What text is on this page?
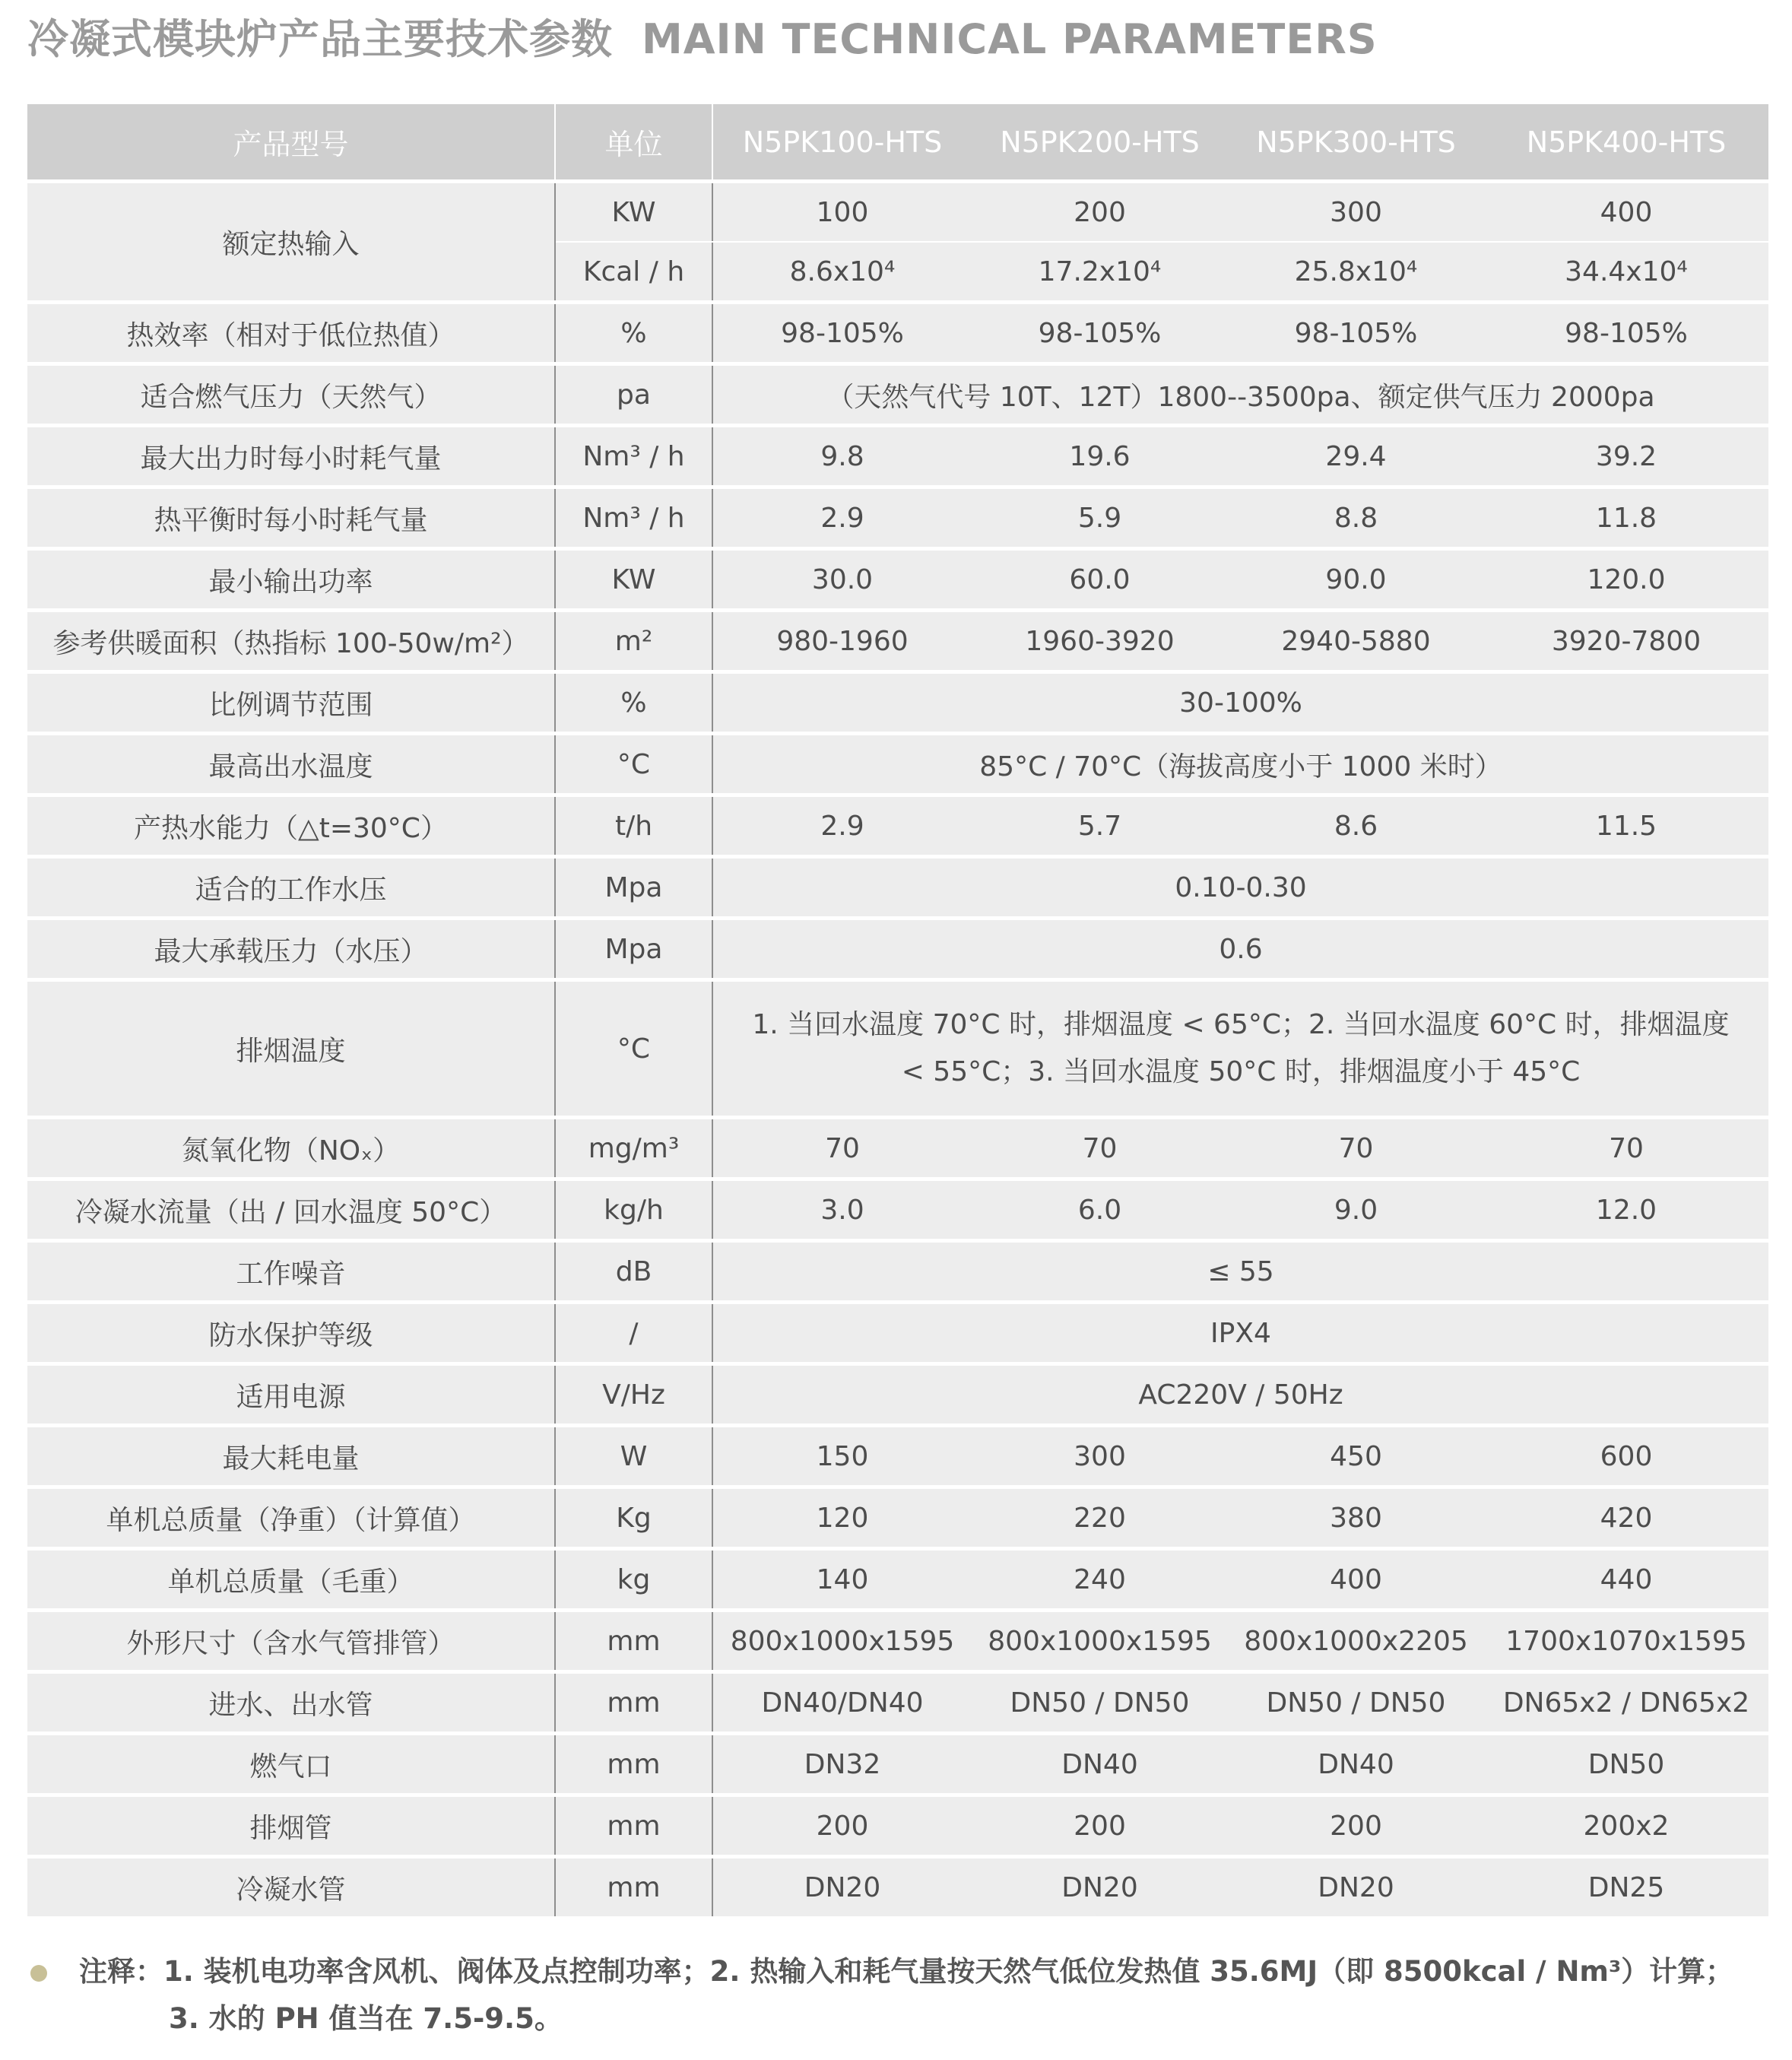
冷凝式模块炉产品主要技术参数 MAIN TECHNICAL PARAMETERS
产品型号	单位	N5PK100-HTS	N5PK200-HTS	N5PK300-HTS	N5PK400-HTS
额定热输入	KW	100	200	300	400
	Kcal / h	8.6x10⁴	17.2x10⁴	25.8x10⁴	34.4x10⁴
热效率（相对于低位热值）	%	98-105%	98-105%	98-105%	98-105%
适合燃气压力（天然气）	pa	（天然气代号 10T、12T）1800--3500pa、额定供气压力 2000pa			
最大出力时每小时耗气量	Nm³ / h	9.8	19.6	29.4	39.2
热平衡时每小时耗气量	Nm³ / h	2.9	5.9	8.8	11.8
最小输出功率	KW	30.0	60.0	90.0	120.0
参考供暖面积（热指标 100-50w/m²）	m²	980-1960	1960-3920	2940-5880	3920-7800
比例调节范围	%	30-100%			
最高出水温度	°C	85°C / 70°C（海拔高度小于 1000 米时）			
产热水能力（△t=30°C）	t/h	2.9	5.7	8.6	11.5
适合的工作水压	Mpa	0.10-0.30			
最大承载压力（水压）	Mpa	0.6			
排烟温度	°C	1. 当回水温度 70°C 时，排烟温度 < 65°C；2. 当回水温度 60°C 时，排烟温度 < 55°C；3. 当回水温度 50°C 时，排烟温度小于 45°C			
氮氧化物（NOₓ）	mg/m³	70	70	70	70
冷凝水流量（出 / 回水温度 50°C）	kg/h	3.0	6.0	9.0	12.0
工作噪音	dB	≤ 55			
防水保护等级	/	IPX4			
适用电源	V/Hz	AC220V / 50Hz			
最大耗电量	W	150	300	450	600
单机总质量（净重）（计算值）	Kg	120	220	380	420
单机总质量（毛重）	kg	140	240	400	440
外形尺寸（含水气管排管）	mm	800x1000x1595	800x1000x1595	800x1000x2205	1700x1070x1595
进水、出水管	mm	DN40/DN40	DN50 / DN50	DN50 / DN50	DN65x2 / DN65x2
燃气口	mm	DN32	DN40	DN40	DN50
排烟管	mm	200	200	200	200x2
冷凝水管	mm	DN20	DN20	DN20	DN25
注释：1. 装机电功率含风机、阀体及点控制功率；2. 热输入和耗气量按天然气低位发热值 35.6MJ（即 8500kcal / Nm³）计算；
3. 水的 PH 值当在 7.5-9.5。
